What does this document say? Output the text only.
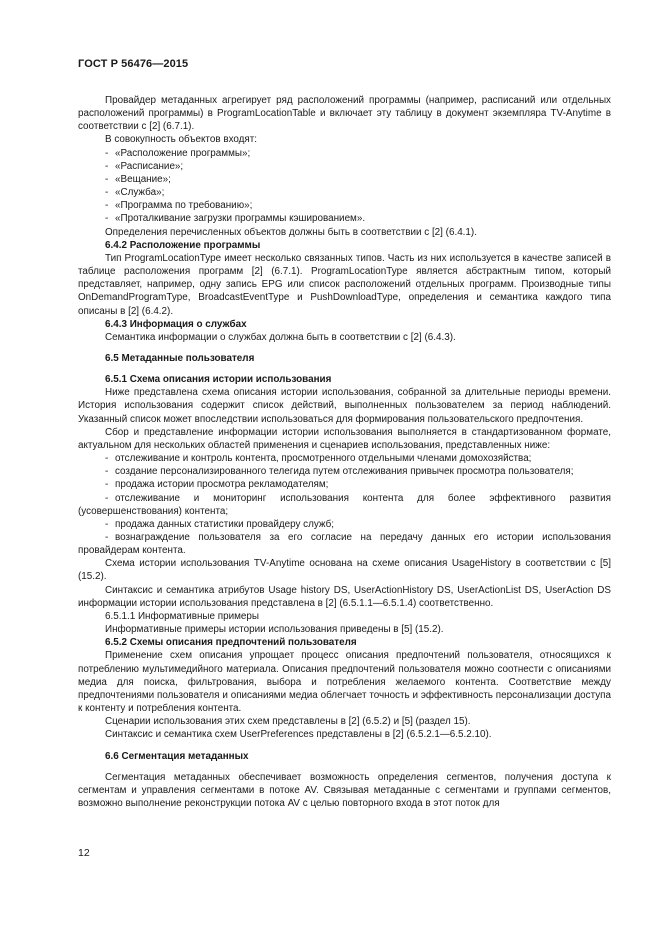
ГОСТ Р 56476—2015
Провайдер метаданных агрегирует ряд расположений программы (например, расписаний или отдельных расположений программы) в ProgramLocationTable и включает эту таблицу в документ экземпляра TV-Anytime в соответствии с [2] (6.7.1).
В совокупность объектов входят:
- «Расположение программы»;
- «Расписание»;
- «Вещание»;
- «Служба»;
- «Программа по требованию»;
- «Проталкивание загрузки программы кэшированием».
Определения перечисленных объектов должны быть в соответствии с [2] (6.4.1).
6.4.2 Расположение программы
Тип ProgramLocationType имеет несколько связанных типов. Часть из них используется в качестве записей в таблице расположения программ [2] (6.7.1). ProgramLocationType является абстрактным типом, который представляет, например, одну запись EPG или список расположений отдельных программ. Производные типы OnDemandProgramType, BroadcastEventType и PushDownloadType, определения и семантика каждого типа описаны в [2] (6.4.2).
6.4.3 Информация о службах
Семантика информации о службах должна быть в соответствии с [2] (6.4.3).
6.5 Метаданные пользователя
6.5.1 Схема описания истории использования
Ниже представлена схема описания истории использования, собранной за длительные периоды времени. История использования содержит список действий, выполненных пользователем за период наблюдений. Указанный список может впоследствии использоваться для формирования пользовательского предпочтения.
Сбор и представление информации истории использования выполняется в стандартизованном формате, актуальном для нескольких областей применения и сценариев использования, представленных ниже:
- отслеживание и контроль контента, просмотренного отдельными членами домохозяйства;
- создание персонализированного телегида путем отслеживания привычек просмотра пользователя;
- продажа истории просмотра рекламодателям;
- отслеживание и мониторинг использования контента для более эффективного развития (усовершенствования) контента;
- продажа данных статистики провайдеру служб;
- вознаграждение пользователя за его согласие на передачу данных его истории использования провайдерам контента.
Схема истории использования TV-Anytime основана на схеме описания UsageHistory в соответствии с [5] (15.2).
Синтаксис и семантика атрибутов Usage history DS, UserActionHistory DS, UserActionList DS, UserAction DS информации истории использования представлена в [2] (6.5.1.1—6.5.1.4) соответственно.
6.5.1.1 Информативные примеры
Информативные примеры истории использования приведены в [5] (15.2).
6.5.2 Схемы описания предпочтений пользователя
Применение схем описания упрощает процесс описания предпочтений пользователя, относящихся к потреблению мультимедийного материала. Описания предпочтений пользователя можно соотнести с описаниями медиа для поиска, фильтрования, выбора и потребления желаемого контента. Соответствие между предпочтениями пользователя и описаниями медиа облегчает точность и эффективность персонализации доступа к контенту и потребления контента.
Сценарии использования этих схем представлены в [2] (6.5.2) и [5] (раздел 15).
Синтаксис и семантика схем UserPreferences представлены в [2] (6.5.2.1—6.5.2.10).
6.6 Сегментация метаданных
Сегментация метаданных обеспечивает возможность определения сегментов, получения доступа к сегментам и управления сегментами в потоке AV. Связывая метаданные с сегментами и группами сегментов, возможно выполнение реконструкции потока AV с целью повторного входа в этот поток для
12
